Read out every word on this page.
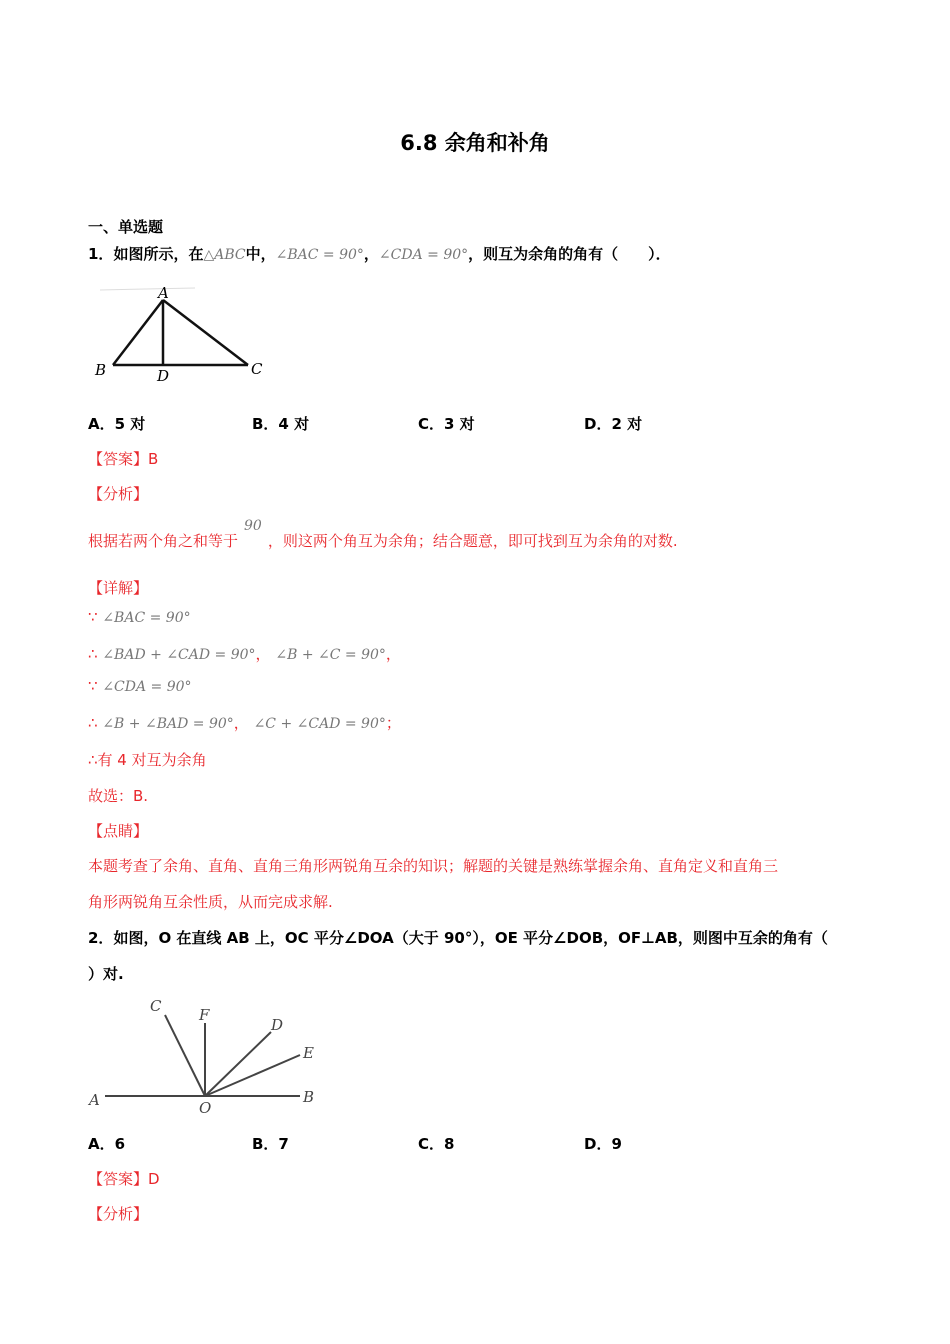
6.8 余角和补角
一、单选题
1．如图所示，在△ABC中，∠BAC = 90°，∠CDA = 90°，则互为余角的角有（　　）．
A
B	D	C
A．5 对	B．4 对	C．3 对	D．2 对
【答案】B
【分析】
根据若两个角之和等于90，则这两个角互为余角；结合题意，即可找到互为余角的对数.
【详解】
∵ ∠BAC = 90°
∴ ∠BAD + ∠CAD = 90°， ∠B + ∠C = 90°，
∵ ∠CDA = 90°
∴ ∠B + ∠BAD = 90°， ∠C + ∠CAD = 90°；
∴有 4 对互为余角
故选：B.
【点睛】
本题考查了余角、直角、直角三角形两锐角互余的知识；解题的关键是熟练掌握余角、直角定义和直角三
角形两锐角互余性质，从而完成求解.
2．如图，O 在直线 AB 上，OC 平分∠DOA（大于 90°），OE 平分∠DOB，OF⊥AB，则图中互余的角有（
）对.
A	O
B
C	F
D
E
A．6	B．7	C．8	D．9
【答案】D
【分析】
